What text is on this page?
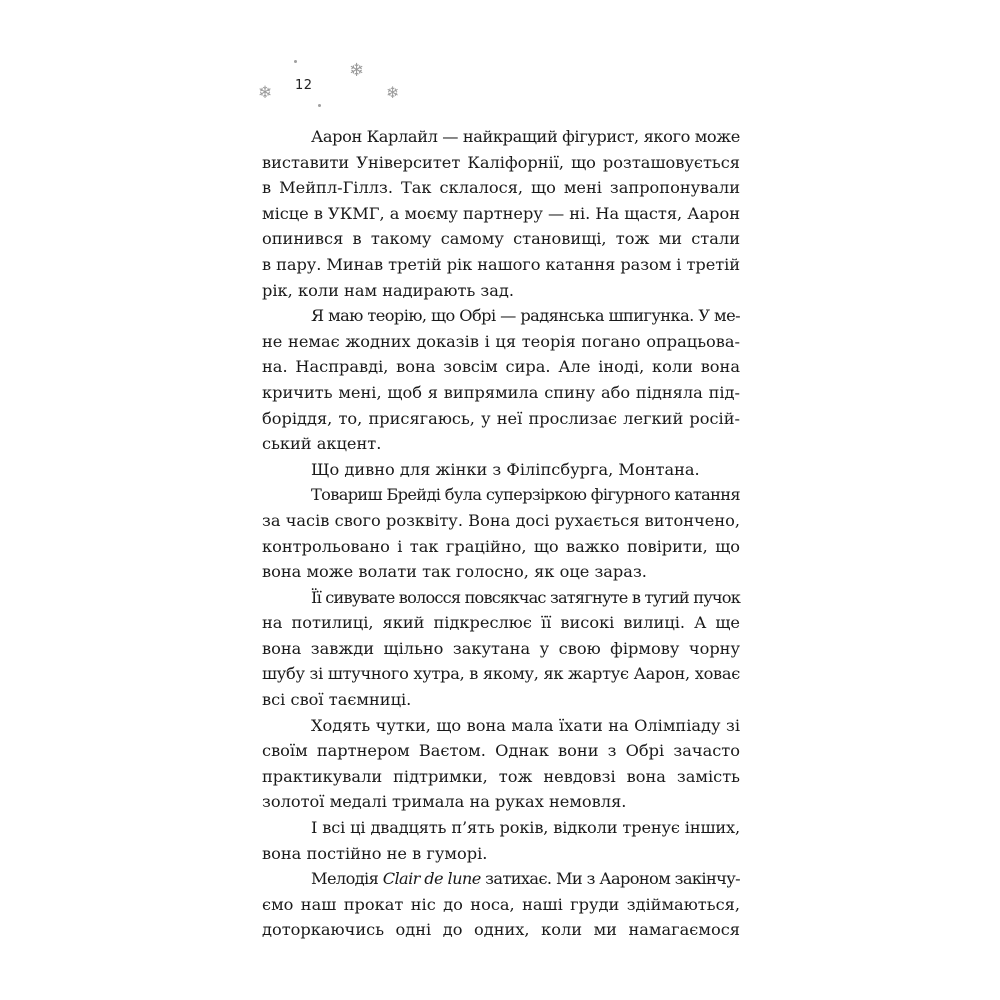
❄
❄
❄
12
Аарон Карлайл — найкращий фігурист, якого може
виставити Університет Каліфорнії, що розташовується
в Мейпл-Гіллз. Так склалося, що мені запропонували
місце в УКМГ, а моєму партнеру — ні. На щастя, Аарон
опинився в такому самому становищі, тож ми стали
в пару. Минав третій рік нашого катання разом і третій
рік, коли нам надирають зад.
Я маю теорію, що Обрі — радянська шпигунка. У ме-
не немає жодних доказів і ця теорія погано опрацьова-
на. Насправді, вона зовсім сира. Але іноді, коли вона
кричить мені, щоб я випрямила спину або підняла під-
боріддя, то, присягаюсь, у неї прослизає легкий росій-
ський акцент.
Що дивно для жінки з Філіпсбурга, Монтана.
Товариш Брейді була суперзіркою фігурного катання
за часів свого розквіту. Вона досі рухається витончено,
контрольовано і так граційно, що важко повірити, що
вона може волати так голосно, як оце зараз.
Її сивувате волосся повсякчас затягнуте в тугий пучок
на потилиці, який підкреслює її високі вилиці. А ще
вона завжди щільно закутана у свою фірмову чорну
шубу зі штучного хутра, в якому, як жартує Аарон, ховає
всі свої таємниці.
Ходять чутки, що вона мала їхати на Олімпіаду зі
своїм партнером Ваєтом. Однак вони з Обрі зачасто
практикували підтримки, тож невдовзі вона замість
золотої медалі тримала на руках немовля.
І всі ці двадцять п’ять років, відколи тренує інших,
вона постійно не в гуморі.
Мелодія Clair de lune затихає. Ми з Аароном закінчу-
ємо наш прокат ніс до носа, наші груди здіймаються,
доторкаючись одні до одних, коли ми намагаємося
